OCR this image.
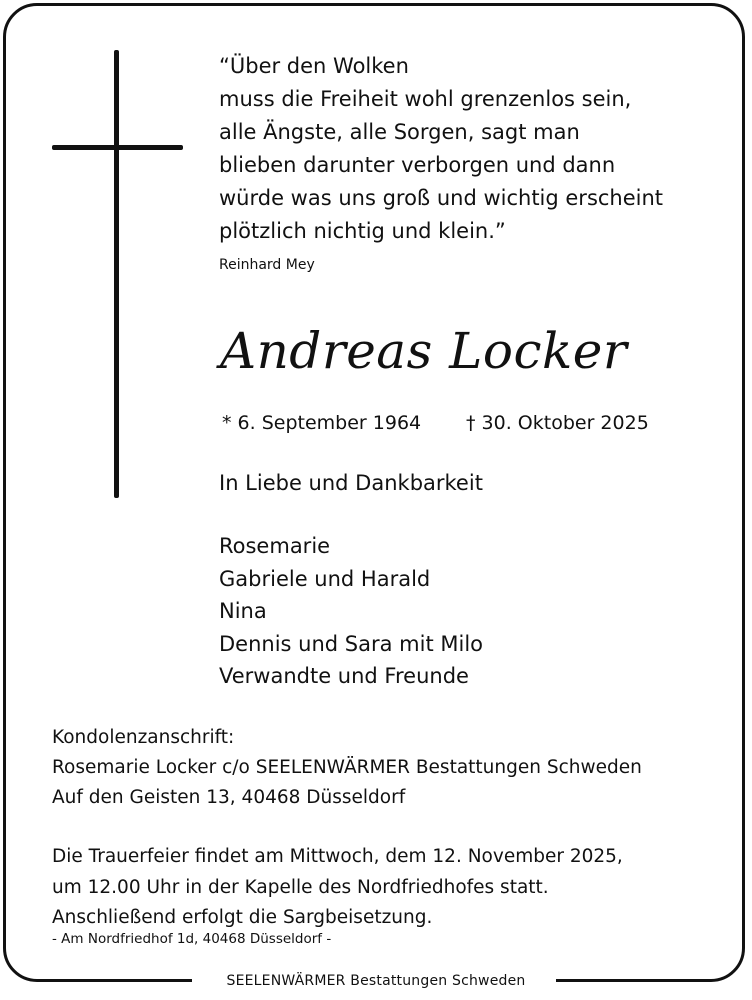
“Über den Wolken
muss die Freiheit wohl grenzenlos sein,
alle Ängste, alle Sorgen, sagt man
blieben darunter verborgen und dann
würde was uns groß und wichtig erscheint
plötzlich nichtig und klein.”
Reinhard Mey
Andreas Locker
* 6. September 1964 † 30. Oktober 2025
In Liebe und Dankbarkeit
Rosemarie
Gabriele und Harald
Nina
Dennis und Sara mit Milo
Verwandte und Freunde
Kondolenzanschrift:
Rosemarie Locker c/o SEELENWÄRMER Bestattungen Schweden
Auf den Geisten 13, 40468 Düsseldorf
Die Trauerfeier findet am Mittwoch, dem 12. November 2025,
um 12.00 Uhr in der Kapelle des Nordfriedhofes statt.
Anschließend erfolgt die Sargbeisetzung.
- Am Nordfriedhof 1d, 40468 Düsseldorf -
SEELENWÄRMER Bestattungen Schweden
